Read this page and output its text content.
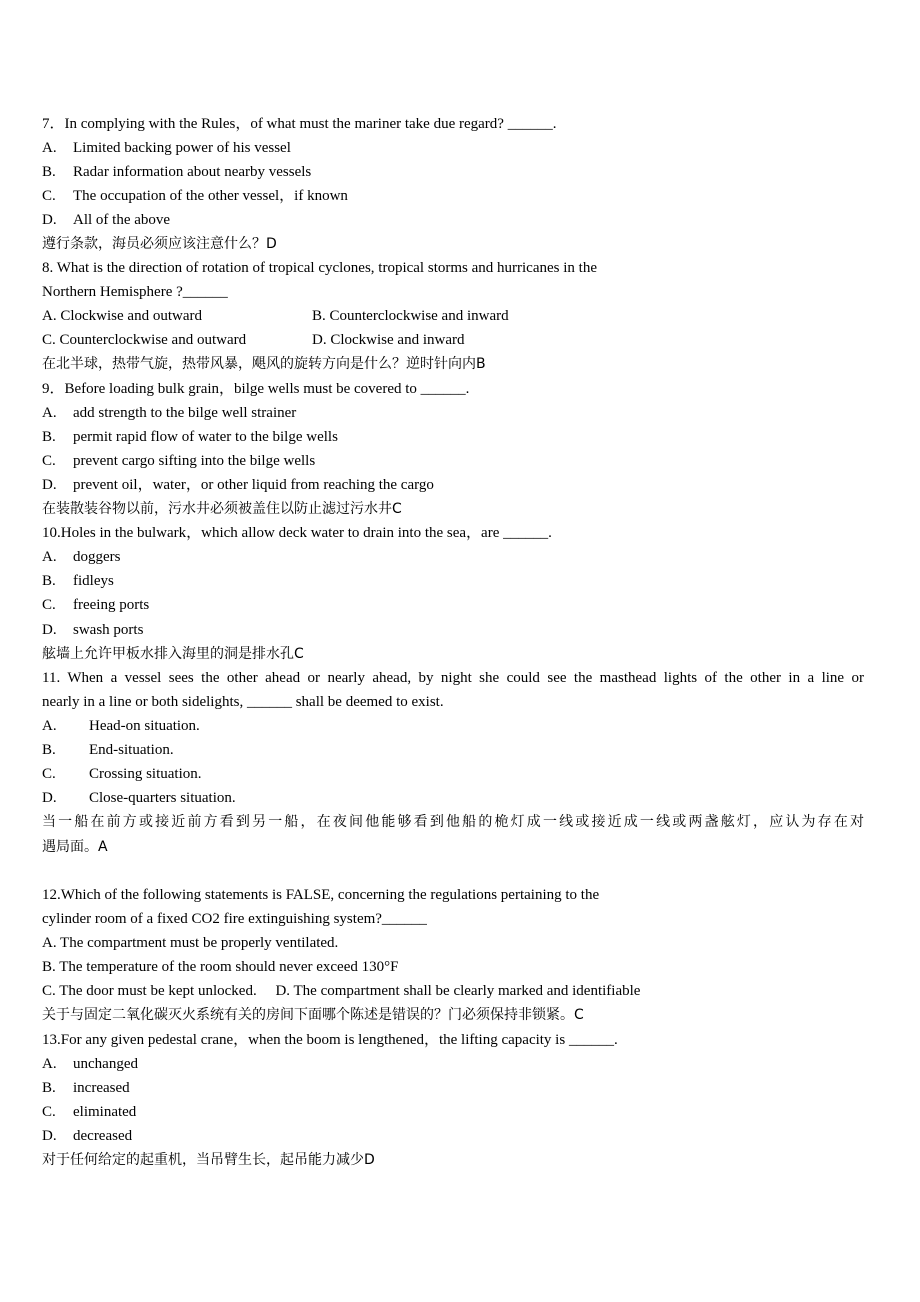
7．In complying with the Rules，of what must the mariner take due regard? ______.
A. Limited backing power of his vessel
B. Radar information about nearby vessels
C. The occupation of the other vessel，if known
D. All of the above
遵行条款，海员必须应该注意什么？D
8. What is the direction of rotation of tropical cyclones, tropical storms and hurricanes in the
Northern Hemisphere ?______
A. Clockwise and outward	B. Counterclockwise and inward
C. Counterclockwise and outward	D. Clockwise and inward
在北半球，热带气旋，热带风暴，飓风的旋转方向是什么？逆时针向内B
9．Before loading bulk grain，bilge wells must be covered to ______.
A. add strength to the bilge well strainer
B. permit rapid flow of water to the bilge wells
C. prevent cargo sifting into the bilge wells
D. prevent oil，water，or other liquid from reaching the cargo
在装散装谷物以前，污水井必须被盖住以防止滤过污水井C
10.Holes in the bulwark，which allow deck water to drain into the sea，are ______.
A. doggers
B. fidleys
C. freeing ports
D. swash ports
舷墙上允许甲板水排入海里的洞是排水孔C
11. When a vessel sees the other ahead or nearly ahead, by night she could see the masthead lights of the other in a line or
nearly in a line or both sidelights, ______ shall be deemed to exist.
A. Head-on situation.
B. End-situation.
C. Crossing situation.
D. Close-quarters situation.
当一船在前方或接近前方看到另一船，在夜间他能够看到他船的桅灯成一线或接近成一线或两盏舷灯，应认为存在对
遇局面。A
12.Which of the following statements is FALSE, concerning the regulations pertaining to the
cylinder room of a fixed CO2 fire extinguishing system?______
A. The compartment must be properly ventilated.
B. The temperature of the room should never exceed 130°F
C. The door must be kept unlocked.     D. The compartment shall be clearly marked and identifiable
关于与固定二氧化碳灭火系统有关的房间下面哪个陈述是错误的？门必须保持非锁紧。C
13.For any given pedestal crane，when the boom is lengthened，the lifting capacity is ______.
A. unchanged
B. increased
C. eliminated
D. decreased
对于任何给定的起重机，当吊臂生长，起吊能力减少D
